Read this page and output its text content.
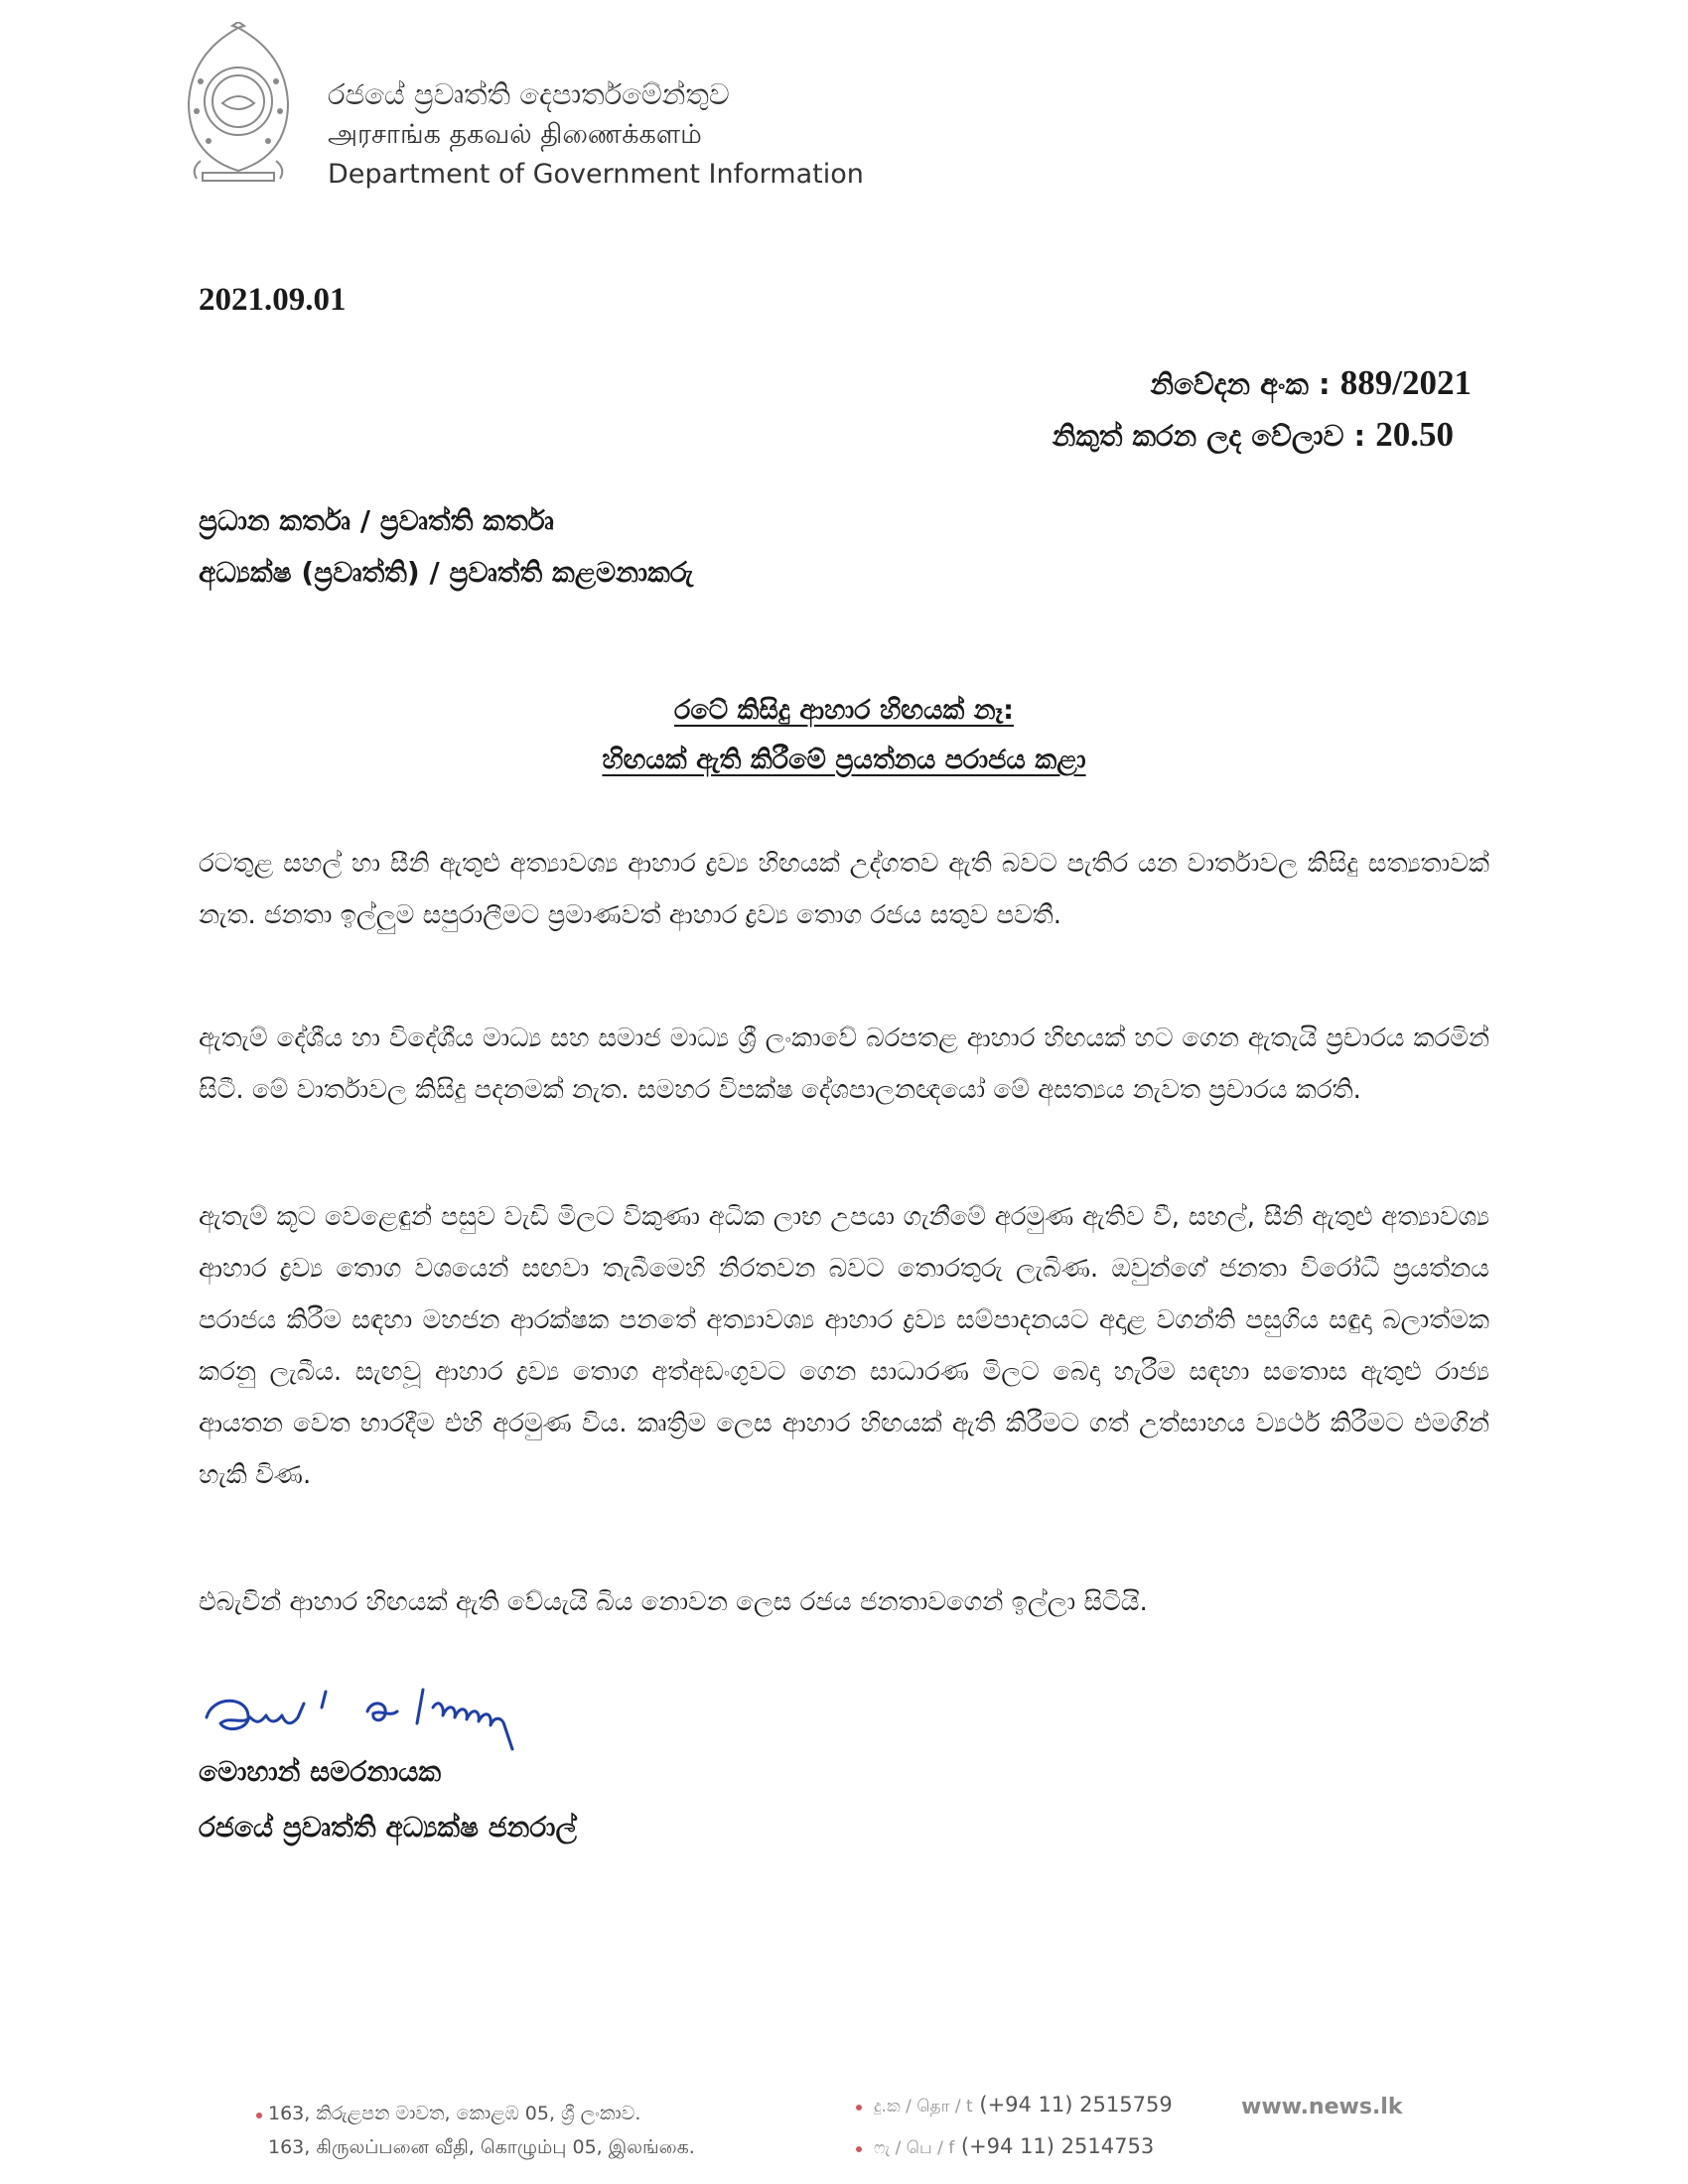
රජයේ ප්‍රවෘත්ති දෙපාර්තමේන්තුව
அரசாங்க தகவல் திணைக்களம்
Department of Government Information
2021.09.01
නිවේදන අංක : 889/2021
නිකුත් කරන ලද වේලාව : 20.50
ප්‍රධාන කර්තෘ / ප්‍රවෘත්ති කර්තෘ
අධ්‍යක්ෂ (ප්‍රවෘත්ති) / ප්‍රවෘත්ති කළමනාකරු
රටේ කිසිදු ආහාර හිඟයක් නෑ:
හිඟයක් ඇති කිරීමේ ප්‍රයත්නය පරාජය කළා
රටතුළ සහල් හා සීනි ඇතුළු අත්‍යාවශ්‍ය ආහාර ද්‍රව්‍ය හිඟයක් උද්ගතව ඇති බවට පැතිර යන වාර්තාවල කිසිදු සත්‍යතාවක් නැත. ජනතා ඉල්ලුම සපුරාලීමට ප්‍රමාණවත් ආහාර ද්‍රව්‍ය තොග රජය සතුව පවතී.
ඇතැම් දේශීය හා විදේශීය මාධ්‍ය සහ සමාජ මාධ්‍ය ශ්‍රී ලංකාවේ බරපතළ ආහාර හිඟයක් හට ගෙන ඇතැයි ප්‍රචාරය කරමින් සිටී. මේ වාර්තාවල කිසිදු පදනමක් නැත. සමහර විපක්ෂ දේශපාලනඥයෝ මේ අසත්‍යය නැවත ප්‍රචාරය කරති.
ඇතැම් කූට වෙළෙඳුන් පසුව වැඩි මිලට විකුණා අධික ලාභ උපයා ගැනීමේ අරමුණ ඇතිව වී, සහල්, සීනි ඇතුළු අත්‍යාවශ්‍ය ආහාර ද්‍රව්‍ය තොග වශයෙන් සඟවා තැබීමෙහි නිරතවන බවට තොරතුරු ලැබිණ. ඔවුන්ගේ ජනතා විරෝධී ප්‍රයත්නය පරාජය කිරීම සඳහා මහජන ආරක්ෂක පනතේ අත්‍යාවශ්‍ය ආහාර ද්‍රව්‍ය සම්පාදනයට අදාළ වගන්ති පසුගිය සඳුදා බලාත්මක කරනු ලැබීය. සැඟවූ ආහාර ද්‍රව්‍ය තොග අත්අඩංගුවට ගෙන සාධාරණ මිලට බෙදා හැරීම සඳහා සතොස ඇතුළු රාජ්‍ය ආයතන වෙත භාරදීම එහි අරමුණ විය. කෘත්‍රිම ලෙස ආහාර හිඟයක් ඇති කිරීමට ගත් උත්සාහය ව්‍යර්ථ කිරීමට එමගින් හැකි විණ.
එබැවින් ආහාර හිඟයක් ඇති වේයැයි බිය නොවන ලෙස රජය ජනතාවගෙන් ඉල්ලා සිටියි.
මොහාන් සමරනායක
රජයේ ප්‍රවෘත්ති අධ්‍යක්ෂ ජනරාල්
163, කිරුළපන මාවත, කොළඹ 05, ශ්‍රී ලංකාව.
163, கிருலப்பனை வீதி, கொழும்பு 05, இலங்கை.
දු.ක / தொ / t (+94 11) 2515759
ෆැ / பெ / f (+94 11) 2514753
www.news.lk
